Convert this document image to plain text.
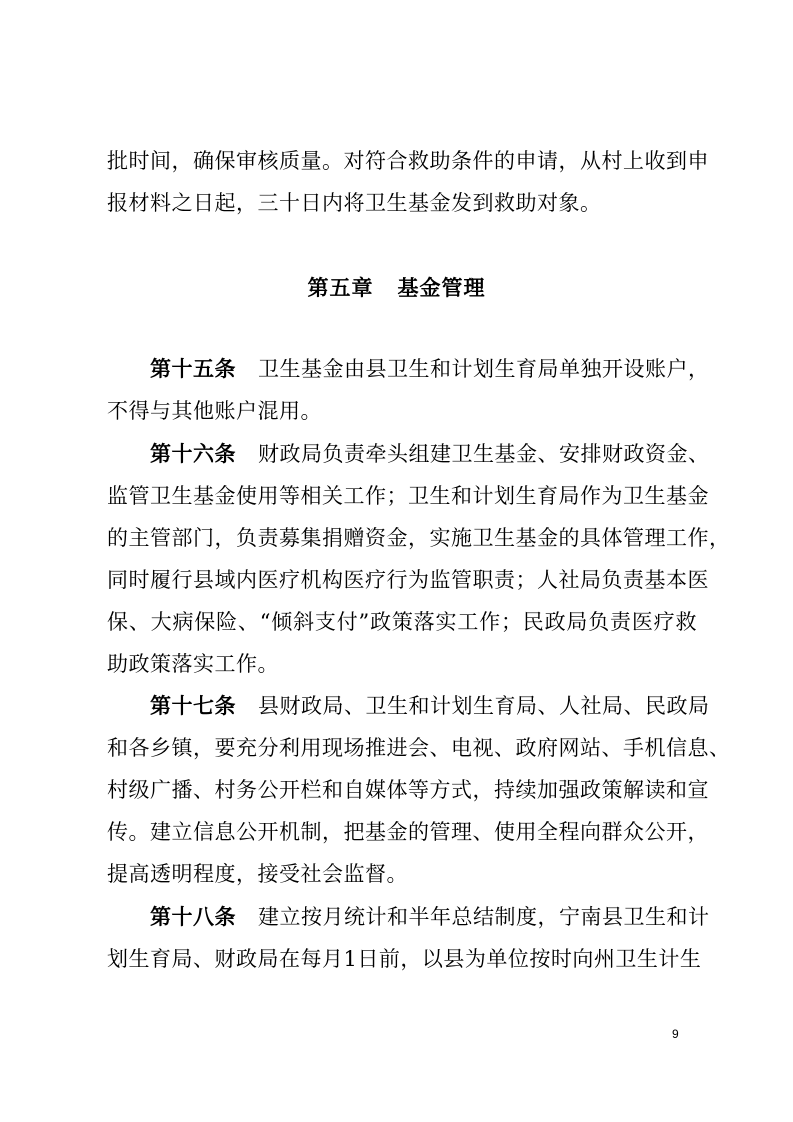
批时间，确保审核质量。对符合救助条件的申请，从村上收到申
报材料之日起，三十日内将卫生基金发到救助对象。
第五章 基金管理
第十五条 卫生基金由县卫生和计划生育局单独开设账户，
不得与其他账户混用。
第十六条 财政局负责牵头组建卫生基金、安排财政资金、
监管卫生基金使用等相关工作；卫生和计划生育局作为卫生基金
的主管部门，负责募集捐赠资金，实施卫生基金的具体管理工作，
同时履行县域内医疗机构医疗行为监管职责；人社局负责基本医
保、大病保险、“倾斜支付”政策落实工作；民政局负责医疗救
助政策落实工作。
第十七条 县财政局、卫生和计划生育局、人社局、民政局
和各乡镇，要充分利用现场推进会、电视、政府网站、手机信息、
村级广播、村务公开栏和自媒体等方式，持续加强政策解读和宣
传。建立信息公开机制，把基金的管理、使用全程向群众公开，
提高透明程度，接受社会监督。
第十八条 建立按月统计和半年总结制度，宁南县卫生和计
划生育局、财政局在每月1日前，以县为单位按时向州卫生计生
9
